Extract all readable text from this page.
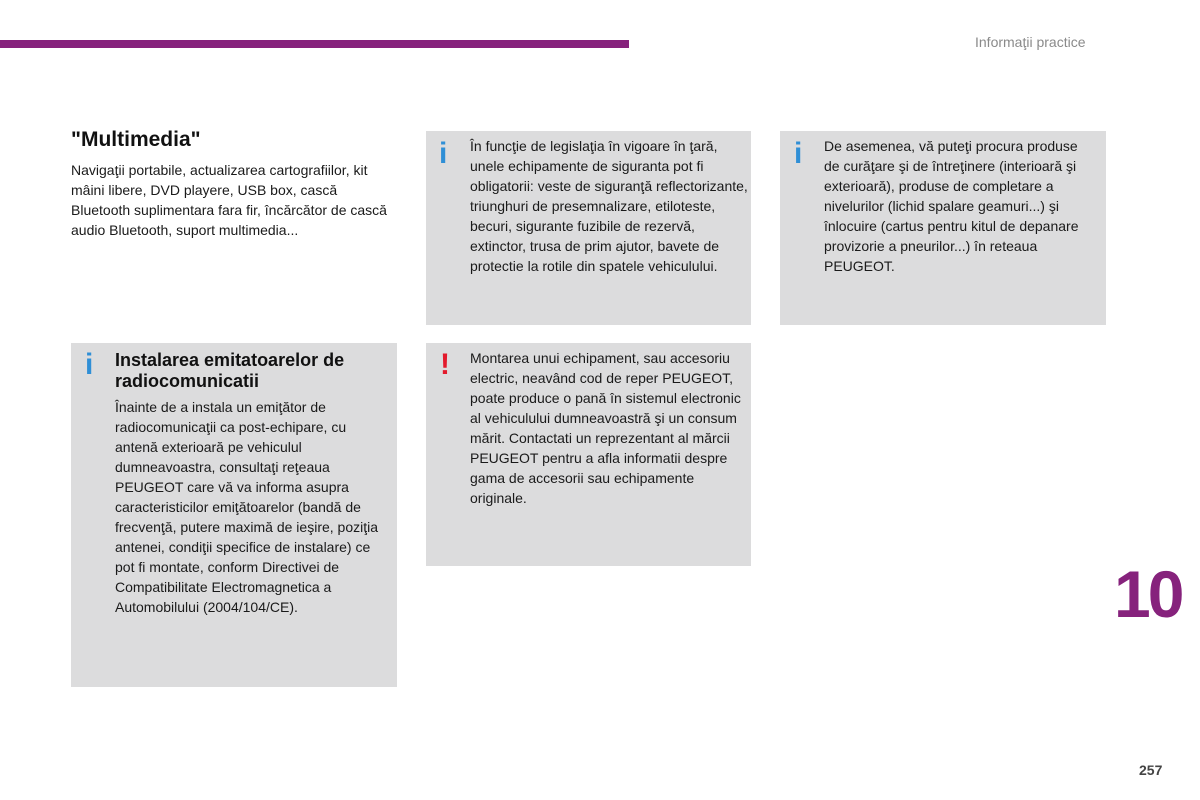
Informaţii practice
"Multimedia"
Navigaţii portabile, actualizarea cartografiilor, kit mâini libere, DVD playere, USB box, cască Bluetooth suplimentara fara fir, încărcător de cască audio Bluetooth, suport multimedia...
i În funcţie de legislaţia în vigoare în ţară, unele echipamente de siguranta pot fi obligatorii: veste de siguranţă reflectorizante, triunghuri de presemnalizare, etiloteste, becuri, sigurante fuzibile de rezervă, extinctor, trusa de prim ajutor, bavete de protectie la rotile din spatele vehiculului.
i De asemenea, vă puteţi procura produse de curăţare şi de întreţinere (interioară şi exterioară), produse de completare a nivelurilor (lichid spalare geamuri...) şi înlocuire (cartus pentru kitul de depanare provizorie a pneurilor...) în reteaua PEUGEOT.
i Instalarea emitatoarelor de radiocomunicatii
Înainte de a instala un emiţător de radiocomunicaţii ca post-echipare, cu antenă exterioară pe vehiculul dumneavoastra, consultaţi reţeaua PEUGEOT care vă va informa asupra caracteristicilor emiţătoarelor (bandă de frecvenţă, putere maximă de ieşire, poziţia antenei, condiţii specifice de instalare) ce pot fi montate, conform Directivei de Compatibilitate Electromagnetica a Automobilului (2004/104/CE).
! Montarea unui echipament, sau accesoriu electric, neavând cod de reper PEUGEOT, poate produce o pană în sistemul electronic al vehiculului dumneavoastră şi un consum mărit. Contactati un reprezentant al mărcii PEUGEOT pentru a afla informatii despre gama de accesorii sau echipamente originale.
10
257
